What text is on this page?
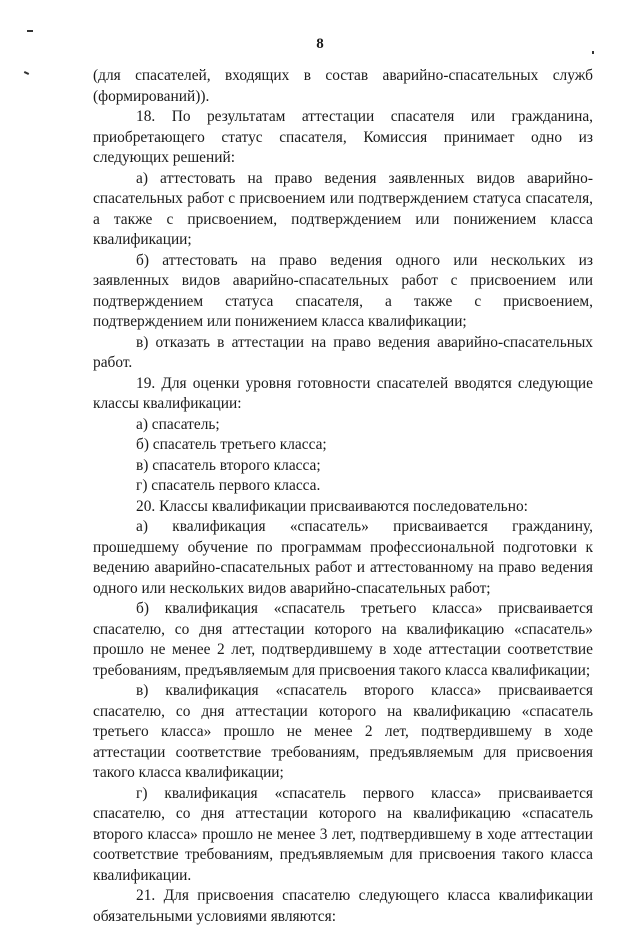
8

(для спасателей, входящих в состав аварийно-спасательных служб (формирований)).

18. По результатам аттестации спасателя или гражданина, приобретающего статус спасателя, Комиссия принимает одно из следующих решений:

а) аттестовать на право ведения заявленных видов аварийно-спасательных работ с присвоением или подтверждением статуса спасателя, а также с присвоением, подтверждением или понижением класса квалификации;

б) аттестовать на право ведения одного или нескольких из заявленных видов аварийно-спасательных работ с присвоением или подтверждением статуса спасателя, а также с присвоением, подтверждением или понижением класса квалификации;

в) отказать в аттестации на право ведения аварийно-спасательных работ.

19. Для оценки уровня готовности спасателей вводятся следующие классы квалификации:

а) спасатель;

б) спасатель третьего класса;

в) спасатель второго класса;

г) спасатель первого класса.

20. Классы квалификации присваиваются последовательно:

а) квалификация «спасатель» присваивается гражданину, прошедшему обучение по программам профессиональной подготовки к ведению аварийно-спасательных работ и аттестованному на право ведения одного или нескольких видов аварийно-спасательных работ;

б) квалификация «спасатель третьего класса» присваивается спасателю, со дня аттестации которого на квалификацию «спасатель» прошло не менее 2 лет, подтвердившему в ходе аттестации соответствие требованиям, предъявляемым для присвоения такого класса квалификации;

в) квалификация «спасатель второго класса» присваивается спасателю, со дня аттестации которого на квалификацию «спасатель третьего класса» прошло не менее 2 лет, подтвердившему в ходе аттестации соответствие требованиям, предъявляемым для присвоения такого класса квалификации;

г) квалификация «спасатель первого класса» присваивается спасателю, со дня аттестации которого на квалификацию «спасатель второго класса» прошло не менее 3 лет, подтвердившему в ходе аттестации соответствие требованиям, предъявляемым для присвоения такого класса квалификации.

21. Для присвоения спасателю следующего класса квалификации обязательными условиями являются:
